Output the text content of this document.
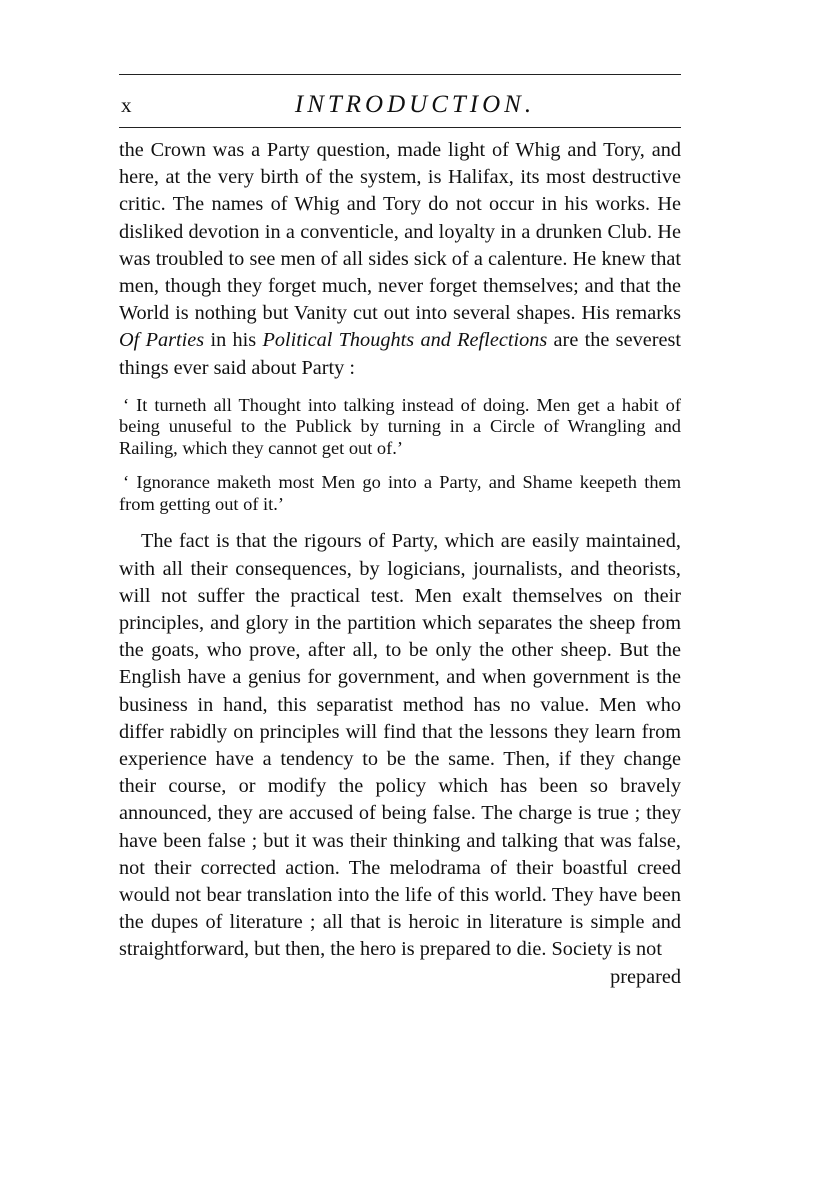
x	INTRODUCTION.

the Crown was a Party question, made light of Whig and Tory, and here, at the very birth of the system, is Halifax, its most destructive critic. The names of Whig and Tory do not occur in his works. He disliked devotion in a conventicle, and loyalty in a drunken Club. He was troubled to see men of all sides sick of a calenture. He knew that men, though they forget much, never forget themselves; and that the World is nothing but Vanity cut out into several shapes. His remarks Of Parties in his Political Thoughts and Reflections are the severest things ever said about Party :

‘ It turneth all Thought into talking instead of doing. Men get a habit of being unuseful to the Publick by turning in a Circle of Wrangling and Railing, which they cannot get out of.’

‘ Ignorance maketh most Men go into a Party, and Shame keepeth them from getting out of it.’

The fact is that the rigours of Party, which are easily maintained, with all their consequences, by logicians, journalists, and theorists, will not suffer the practical test. Men exalt themselves on their principles, and glory in the partition which separates the sheep from the goats, who prove, after all, to be only the other sheep. But the English have a genius for government, and when government is the business in hand, this separatist method has no value. Men who differ rabidly on principles will find that the lessons they learn from experience have a tendency to be the same. Then, if they change their course, or modify the policy which has been so bravely announced, they are accused of being false. The charge is true ; they have been false ; but it was their thinking and talking that was false, not their corrected action. The melodrama of their boastful creed would not bear translation into the life of this world. They have been the dupes of literature ; all that is heroic in literature is simple and straightforward, but then, the hero is prepared to die. Society is not

prepared
